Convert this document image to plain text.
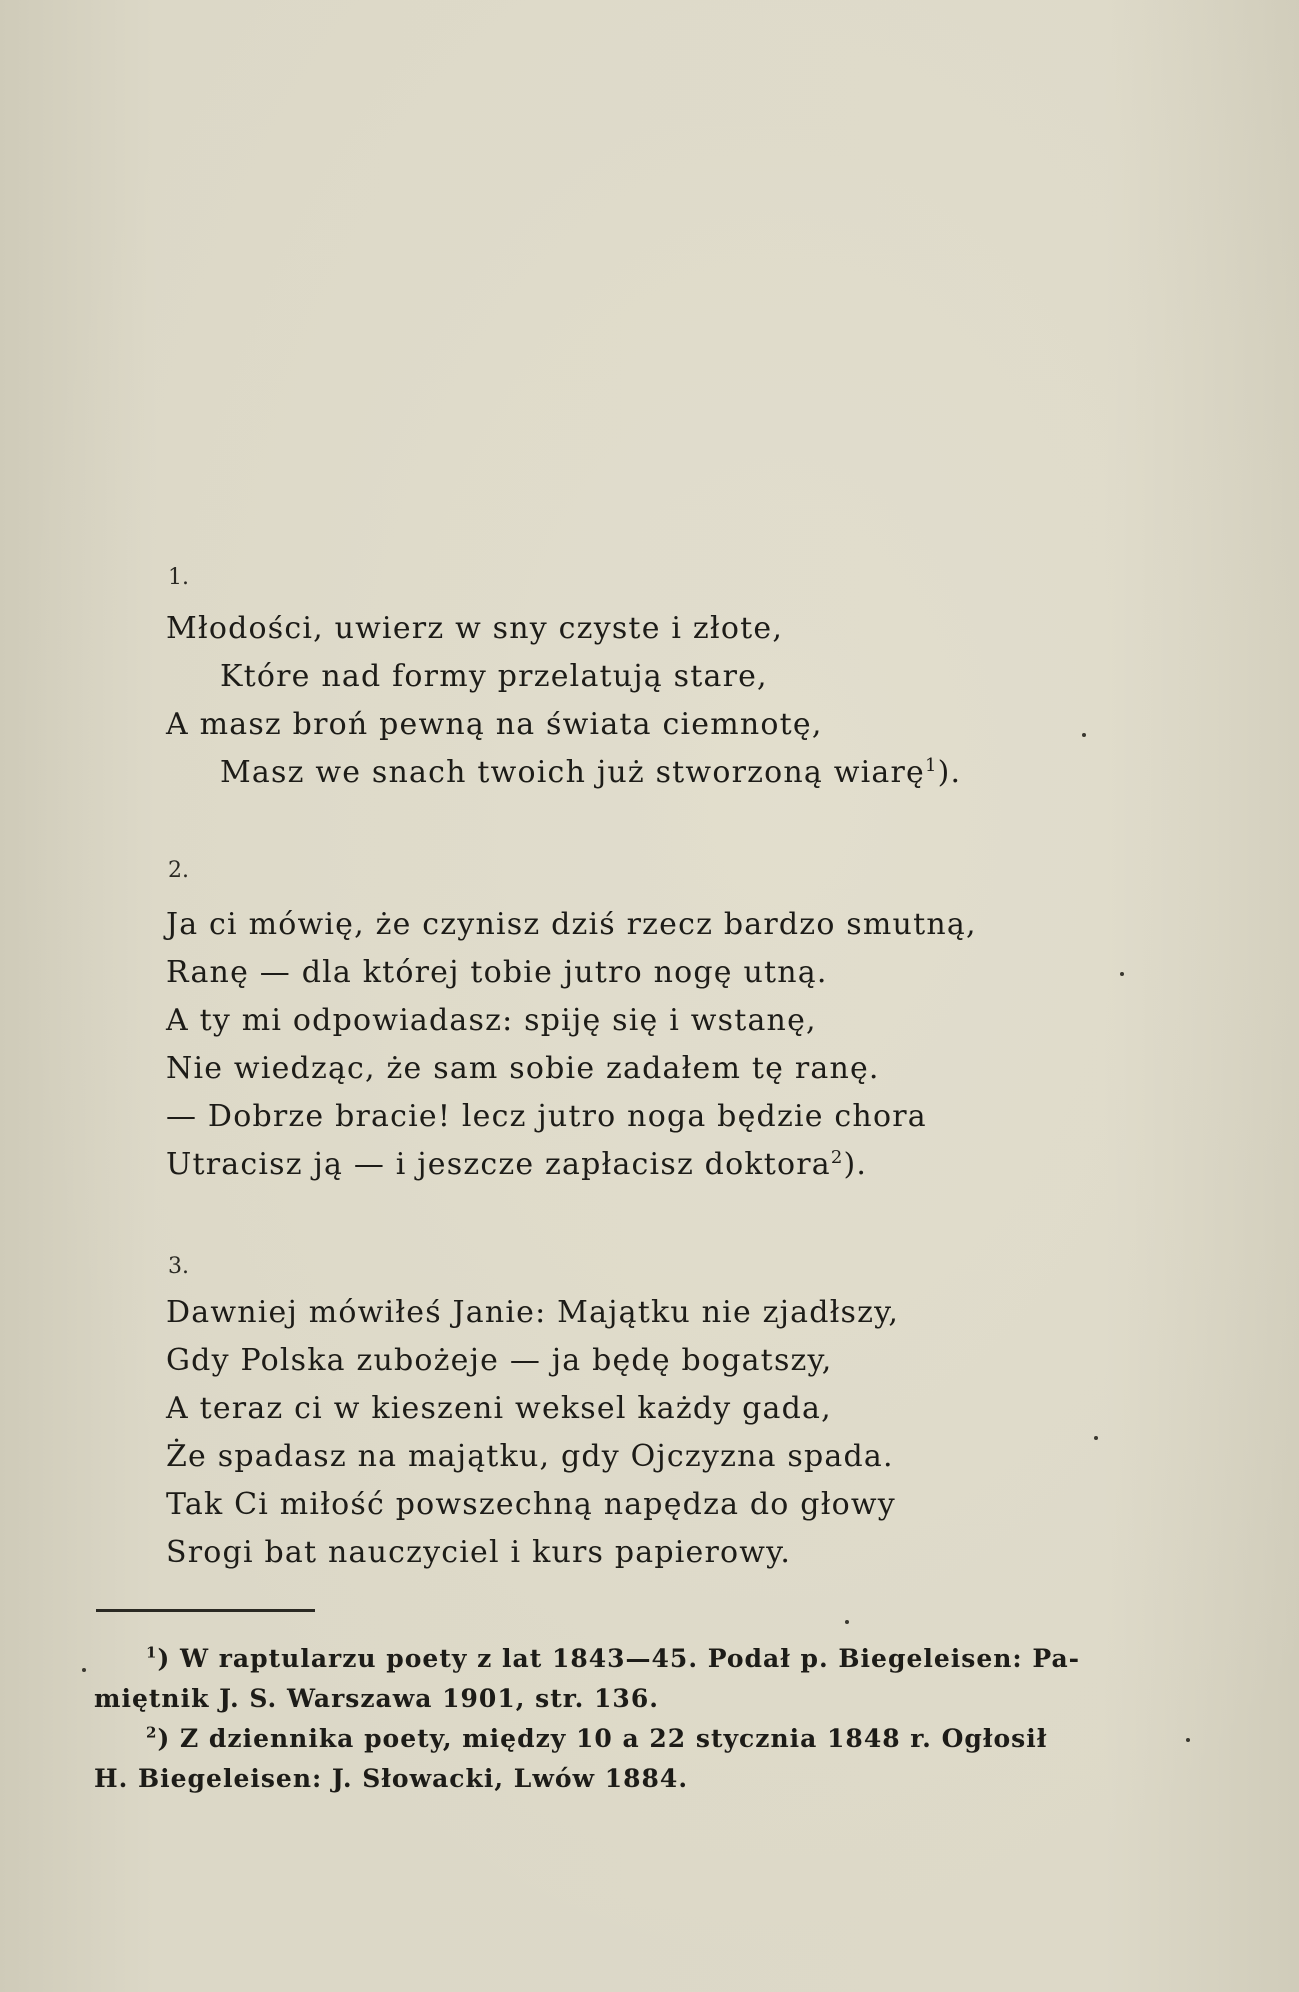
1.
Młodości, uwierz w sny czyste i złote,
Które nad formy przelatują stare,
A masz broń pewną na świata ciemnotę,
Masz we snach twoich już stworzoną wiarę$^1$).
2.
Ja ci mówię, że czynisz dziś rzecz bardzo smutną,
Ranę — dla której tobie jutro nogę utną.
A ty mi odpowiadasz: spiję się i wstanę,
Nie wiedząc, że sam sobie zadałem tę ranę.
— Dobrze bracie! lecz jutro noga będzie chora
Utracisz ją — i jeszcze zapłacisz doktora$^2$).
3.
Dawniej mówiłeś Janie: Majątku nie zjadłszy,
Gdy Polska zubożeje — ja będę bogatszy,
A teraz ci w kieszeni weksel każdy gada,
Że spadasz na majątku, gdy Ojczyzna spada.
Tak Ci miłość powszechną napędza do głowy
Srogi bat nauczyciel i kurs papierowy.
$^1$) W raptularzu poety z lat 1843—45. Podał p. Biegeleisen: Pa-
miętnik J. S. Warszawa 1901, str. 136.
$^2$) Z dziennika poety, między 10 a 22 stycznia 1848 r. Ogłosił
H. Biegeleisen: J. Słowacki, Lwów 1884.
